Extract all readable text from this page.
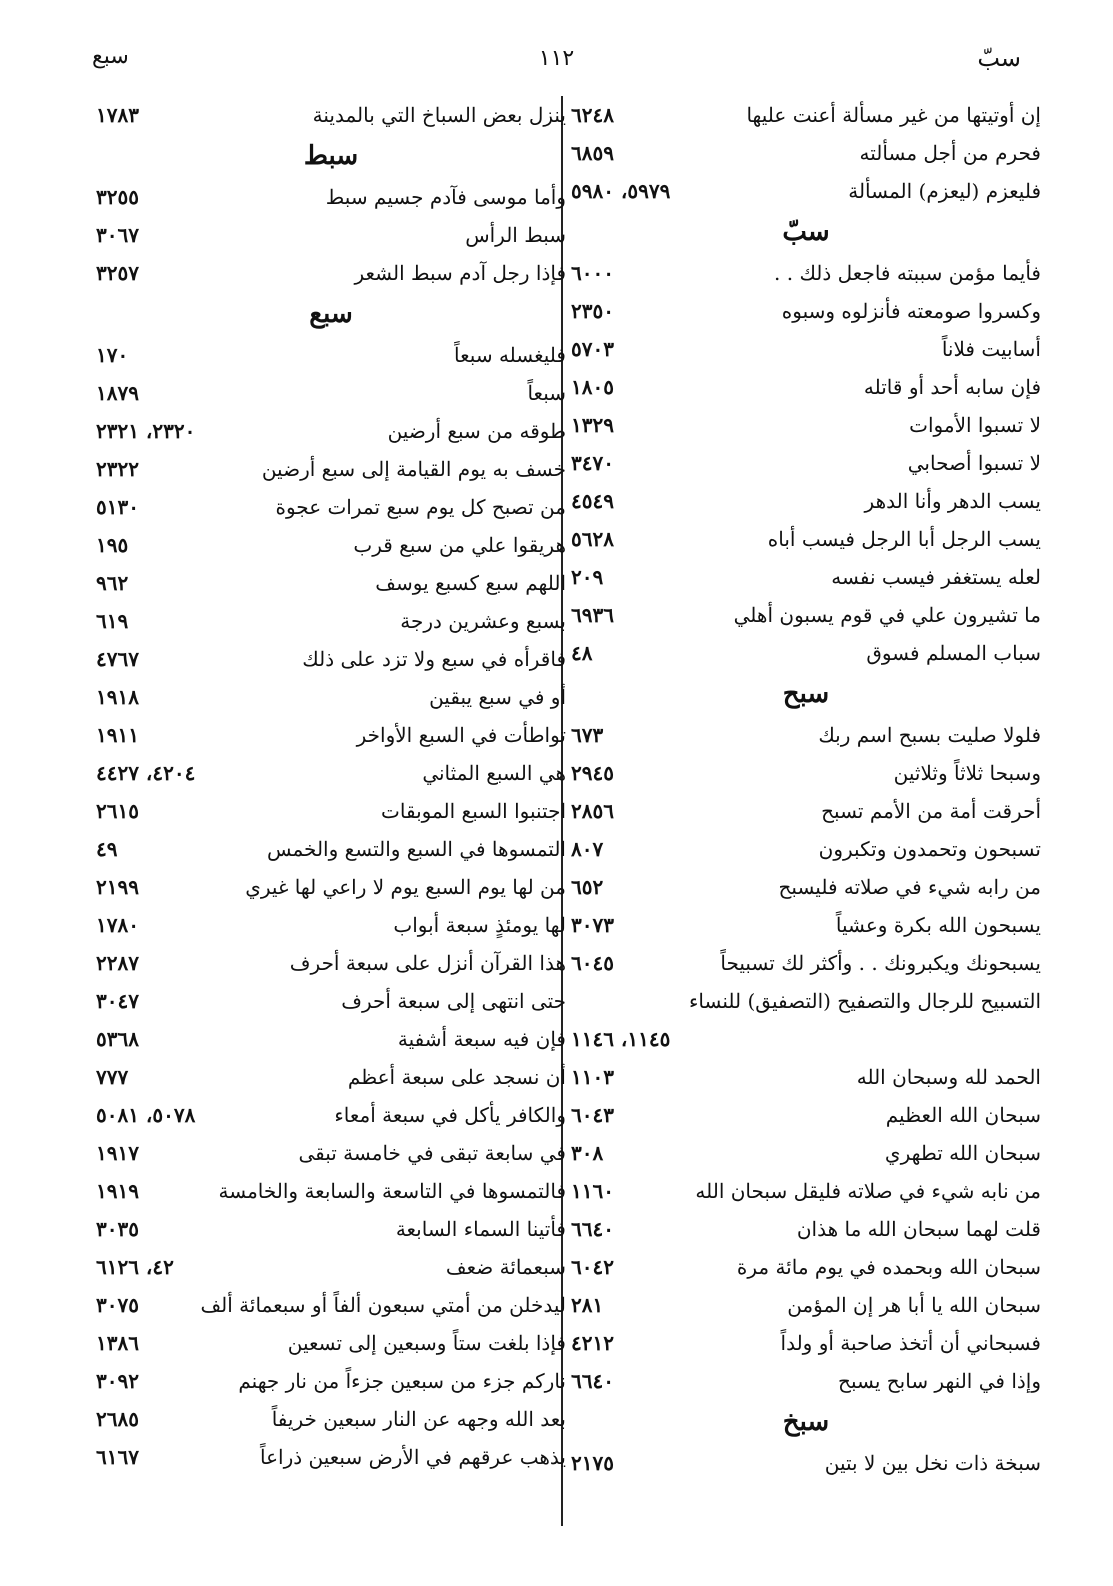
سبّ
١١٢
سبع
إن أوتيتها من غير مسألة أعنت عليها
٦٢٤٨
فحرم من أجل مسألته
٦٨٥٩
فليعزم (ليعزم) المسألة
٥٩٧٩، ٥٩٨٠
سبّ
فأيما مؤمن سببته فاجعل ذلك . .
٦٠٠٠
وكسروا صومعته فأنزلوه وسبوه
٢٣٥٠
أسابيت فلاناً
٥٧٠٣
فإن سابه أحد أو قاتله
١٨٠٥
لا تسبوا الأموات
١٣٢٩
لا تسبوا أصحابي
٣٤٧٠
يسب الدهر وأنا الدهر
٤٥٤٩
يسب الرجل أبا الرجل فيسب أباه
٥٦٢٨
لعله يستغفر فيسب نفسه
٢٠٩
ما تشيرون علي في قوم يسبون أهلي
٦٩٣٦
سباب المسلم فسوق
٤٨
سبح
فلولا صليت بسبح اسم ربك
٦٧٣
وسبحا ثلاثاً وثلاثين
٢٩٤٥
أحرقت أمة من الأمم تسبح
٢٨٥٦
تسبحون وتحمدون وتكبرون
٨٠٧
من رابه شيء في صلاته فليسبح
٦٥٢
يسبحون الله بكرة وعشياً
٣٠٧٣
يسبحونك ويكبرونك . . وأكثر لك تسبيحاً
٦٠٤٥
التسبيح للرجال والتصفيح (التصفيق) للنساء
١١٤٥، ١١٤٦
الحمد لله وسبحان الله
١١٠٣
سبحان الله العظيم
٦٠٤٣
سبحان الله تطهري
٣٠٨
من نابه شيء في صلاته فليقل سبحان الله
١١٦٠
قلت لهما سبحان الله ما هذان
٦٦٤٠
سبحان الله وبحمده في يوم مائة مرة
٦٠٤٢
سبحان الله يا أبا هر إن المؤمن
٢٨١
فسبحاني أن أتخذ صاحبة أو ولداً
٤٢١٢
وإذا في النهر سابح يسبح
٦٦٤٠
سبخ
سبخة ذات نخل بين لا بتين
٢١٧٥
ينزل بعض السباخ التي بالمدينة
١٧٨٣
سبط
وأما موسى فآدم جسيم سبط
٣٢٥٥
سبط الرأس
٣٠٦٧
فإذا رجل آدم سبط الشعر
٣٢٥٧
سبع
فليغسله سبعاً
١٧٠
سبعاً
١٨٧٩
طوقه من سبع أرضين
٢٣٢٠، ٢٣٢١
خسف به يوم القيامة إلى سبع أرضين
٢٣٢٢
من تصبح كل يوم سبع تمرات عجوة
٥١٣٠
هريقوا علي من سبع قرب
١٩٥
اللهم سبع كسبع يوسف
٩٦٢
بسبع وعشرين درجة
٦١٩
فاقرأه في سبع ولا تزد على ذلك
٤٧٦٧
أو في سبع يبقين
١٩١٨
تواطأت في السبع الأواخر
١٩١١
هي السبع المثاني
٤٢٠٤، ٤٤٢٧
اجتنبوا السبع الموبقات
٢٦١٥
التمسوها في السبع والتسع والخمس
٤٩
من لها يوم السبع يوم لا راعي لها غيري
٢١٩٩
لها يومئذٍ سبعة أبواب
١٧٨٠
هذا القرآن أنزل على سبعة أحرف
٢٢٨٧
حتى انتهى إلى سبعة أحرف
٣٠٤٧
فإن فيه سبعة أشفية
٥٣٦٨
أن نسجد على سبعة أعظم
٧٧٧
والكافر يأكل في سبعة أمعاء
٥٠٧٨، ٥٠٨١
في سابعة تبقى في خامسة تبقى
١٩١٧
فالتمسوها في التاسعة والسابعة والخامسة
١٩١٩
فأتينا السماء السابعة
٣٠٣٥
سبعمائة ضعف
٤٢، ٦١٢٦
ليدخلن من أمتي سبعون ألفاً أو سبعمائة ألف
٣٠٧٥
فإذا بلغت ستاً وسبعين إلى تسعين
١٣٨٦
ناركم جزء من سبعين جزءاً من نار جهنم
٣٠٩٢
بعد الله وجهه عن النار سبعين خريفاً
٢٦٨٥
يذهب عرقهم في الأرض سبعين ذراعاً
٦١٦٧
